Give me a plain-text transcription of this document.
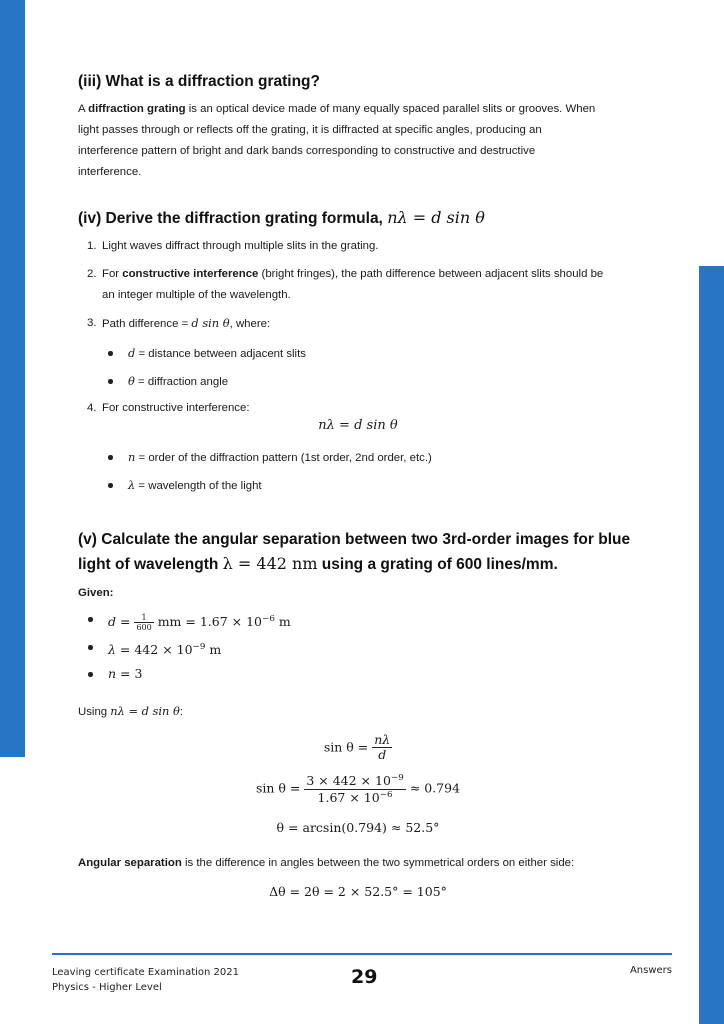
(iii) What is a diffraction grating?

A diffraction grating is an optical device made of many equally spaced parallel slits or grooves. When

light passes through or reflects off the grating, it is diffracted at specific angles, producing an

interference pattern of bright and dark bands corresponding to constructive and destructive

interference.

(iv) Derive the diffraction grating formula, nλ = d sin θ
1. Light waves diffract through multiple slits in the grating.
2. For constructive interference (bright fringes), the path difference between adjacent slits should be
an integer multiple of the wavelength.
3. Path difference = d sin θ, where:
d = distance between adjacent slits
θ = diffraction angle
4. For constructive interference:
nλ = d sin θ
n = order of the diffraction pattern (1st order, 2nd order, etc.)
λ = wavelength of the light
(v) Calculate the angular separation between two 3rd-order images for blue
light of wavelength λ = 442 nm using a grating of 600 lines/mm.
Given:
$d = \frac{1}{600}$ mm = $1.67 \times 10^{-6}$ m
$\lambda = 442 \times 10^{-9}$ m
n = 3
Using nλ = d sin θ:
$\sin \theta = \frac{n\lambda}{d}$
$\sin \theta = \frac{3 \times 442 \times 10^{-9}}{1.67 \times 10^{-6}} \approx 0.794$
θ = arcsin(0.794) ≈ 52.5°
Angular separation is the difference in angles between the two symmetrical orders on either side:
Δθ = 2θ = 2 × 52.5° = 105°
Leaving certificate Examination 2021
Physics - Higher Level	29	Answers
